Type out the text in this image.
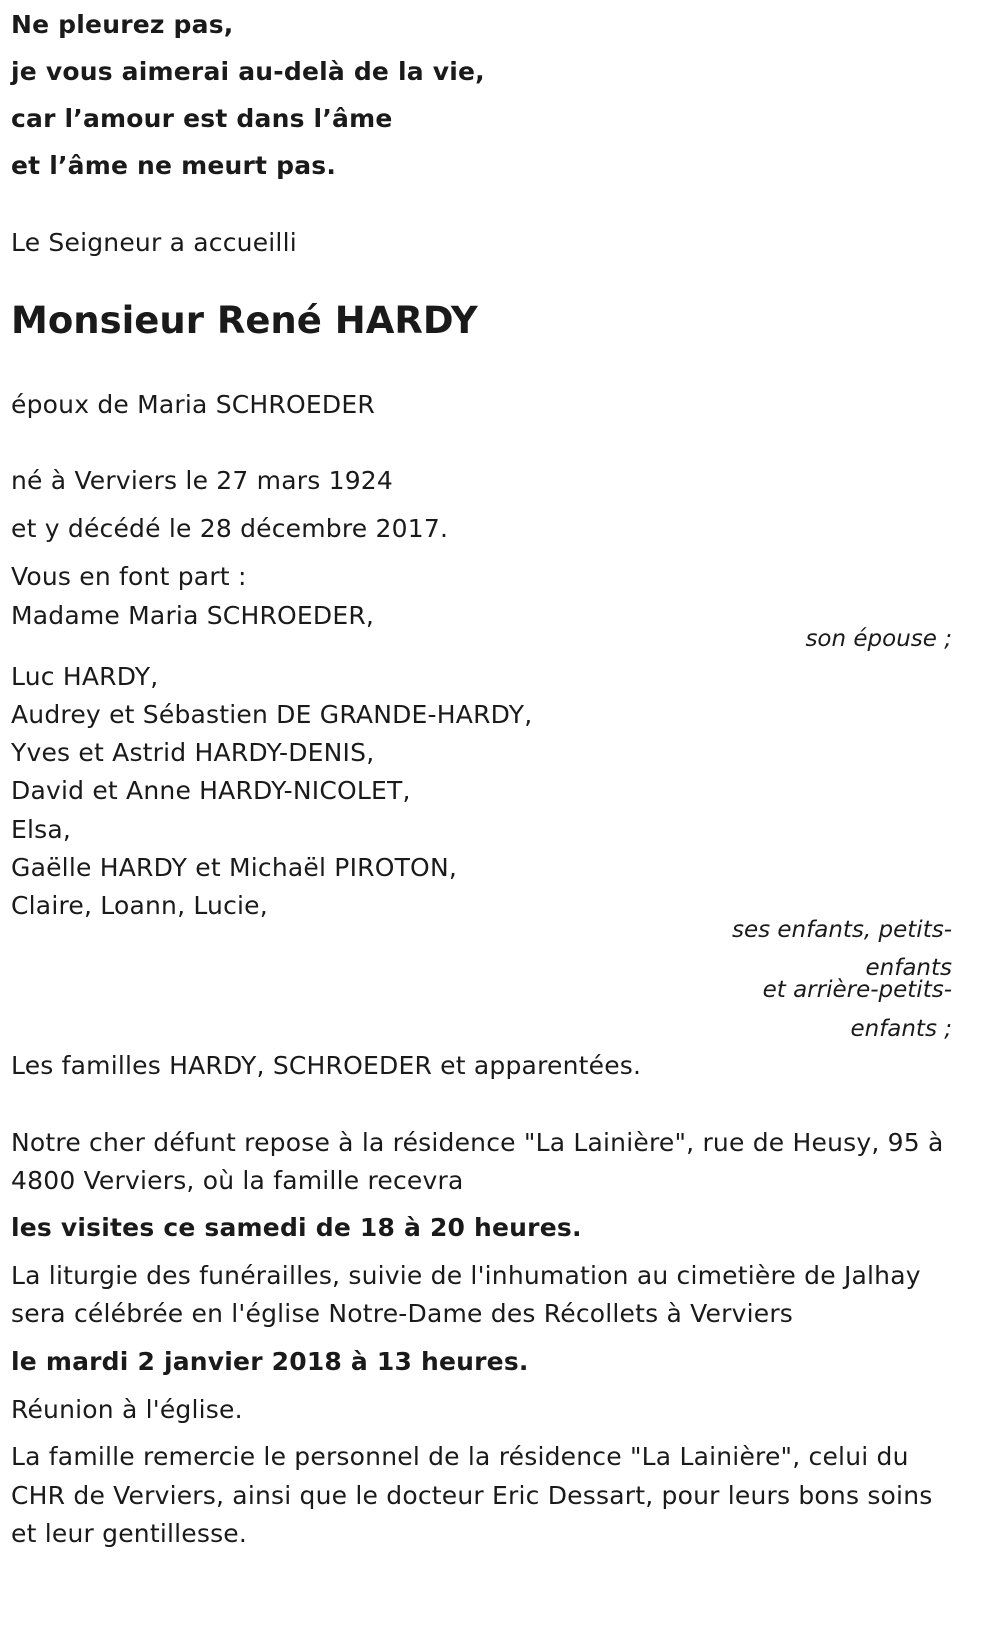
Ne pleurez pas,
je vous aimerai au-delà de la vie,
car l’amour est dans l’âme
et l’âme ne meurt pas.
Le Seigneur a accueilli
Monsieur René HARDY
époux de Maria SCHROEDER
né à Verviers le 27 mars 1924
et y décédé le 28 décembre 2017.
Vous en font part :
Madame Maria SCHROEDER,
son épouse ;
Luc HARDY,
Audrey et Sébastien DE GRANDE-HARDY,
Yves et Astrid HARDY-DENIS,
David et Anne HARDY-NICOLET,
Elsa,
Gaëlle HARDY et Michaël PIROTON,
Claire, Loann, Lucie,
ses enfants, petits-
enfants
et arrière-petits-
enfants ;
Les familles HARDY, SCHROEDER et apparentées.
Notre cher défunt repose à la résidence "La Lainière", rue de Heusy, 95 à
4800 Verviers, où la famille recevra
les visites ce samedi de 18 à 20 heures.
La liturgie des funérailles, suivie de l'inhumation au cimetière de Jalhay
sera célébrée en l'église Notre-Dame des Récollets à Verviers
le mardi 2 janvier 2018 à 13 heures.
Réunion à l'église.
La famille remercie le personnel de la résidence "La Lainière", celui du
CHR de Verviers, ainsi que le docteur Eric Dessart, pour leurs bons soins
et leur gentillesse.
